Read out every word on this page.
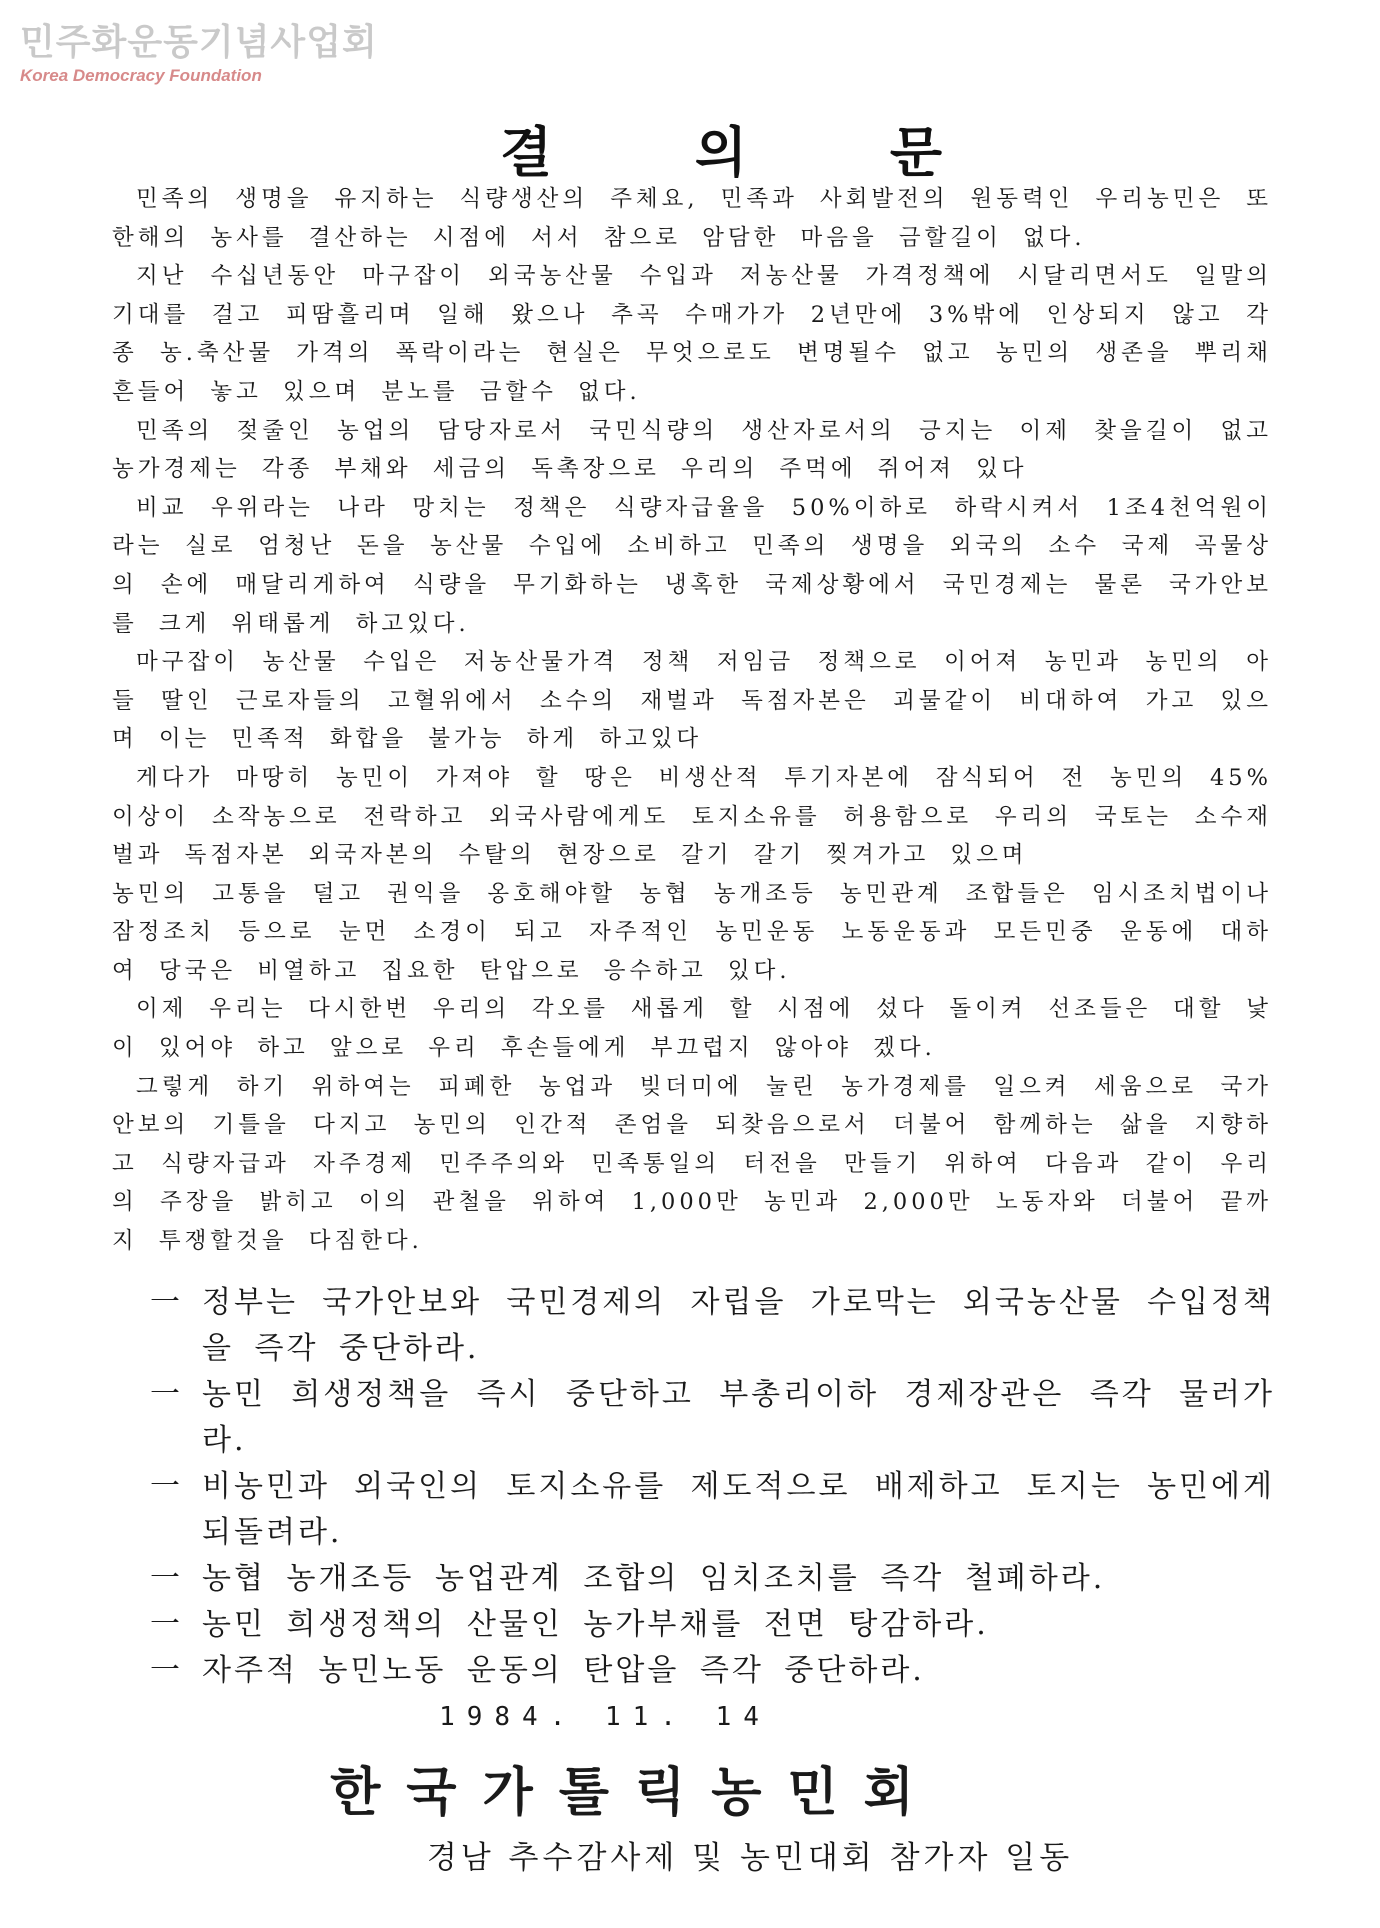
민주화운동기념사업회
Korea Democracy Foundation
결 의 문

민족의 생명을 유지하는 식량생산의 주체요, 민족과 사회발전의 원동력인 우리농민은 또 한해의 농사를 결산하는 시점에 서서 참으로 암담한 마음을 금할길이 없다.

지난 수십년동안 마구잡이 외국농산물 수입과 저농산물 가격정책에 시달리면서도 일말의 기대를 걸고 피땀흘리며 일해 왔으나 추곡 수매가가 2년만에 3%밖에 인상되지 않고 각종 농.축산물 가격의 폭락이라는 현실은 무엇으로도 변명될수 없고 농민의 생존을 뿌리채 흔들어 놓고 있으며 분노를 금할수 없다.

민족의 젖줄인 농업의 담당자로서 국민식량의 생산자로서의 긍지는 이제 찾을길이 없고 농가경제는 각종 부채와 세금의 독촉장으로 우리의 주먹에 쥐어져 있다

비교 우위라는 나라 망치는 정책은 식량자급율을 50%이하로 하락시켜서 1조4천억원이라는 실로 엄청난 돈을 농산물 수입에 소비하고 민족의 생명을 외국의 소수 국제 곡물상의 손에 매달리게하여 식량을 무기화하는 냉혹한 국제상황에서 국민경제는 물론 국가안보를 크게 위태롭게 하고있다.

마구잡이 농산물 수입은 저농산물가격 정책 저임금 정책으로 이어져 농민과 농민의 아들 딸인 근로자들의 고혈위에서 소수의 재벌과 독점자본은 괴물같이 비대하여 가고 있으며 이는 민족적 화합을 불가능 하게 하고있다

게다가 마땅히 농민이 가져야 할 땅은 비생산적 투기자본에 잠식되어 전 농민의 45%이상이 소작농으로 전락하고 외국사람에게도 토지소유를 허용함으로 우리의 국토는 소수재벌과 독점자본 외국자본의 수탈의 현장으로 갈기 갈기 찢겨가고 있으며

농민의 고통을 덜고 권익을 옹호해야할 농협 농개조등 농민관계 조합들은 임시조치법이나 잠정조치 등으로 눈먼 소경이 되고 자주적인 농민운동 노동운동과 모든민중 운동에 대하여 당국은 비열하고 집요한 탄압으로 응수하고 있다.

이제 우리는 다시한번 우리의 각오를 새롭게 할 시점에 섰다 돌이켜 선조들은 대할 낯이 있어야 하고 앞으로 우리 후손들에게 부끄럽지 않아야 겠다.

그렇게 하기 위하여는 피폐한 농업과 빚더미에 눌린 농가경제를 일으켜 세움으로 국가 안보의 기틀을 다지고 농민의 인간적 존엄을 되찾음으로서 더불어 함께하는 삶을 지향하고 식량자급과 자주경제 민주주의와 민족통일의 터전을 만들기 위하여 다음과 같이 우리의 주장을 밝히고 이의 관철을 위하여 1,000만 농민과 2,000만 노동자와 더불어 끝까지 투쟁할것을 다짐한다.

一 정부는 국가안보와 국민경제의 자립을 가로막는 외국농산물 수입정책을 즉각 중단하라.
一 농민 희생정책을 즉시 중단하고 부총리이하 경제장관은 즉각 물러가라.
一 비농민과 외국인의 토지소유를 제도적으로 배제하고 토지는 농민에게 되돌려라.
一 농협 농개조등 농업관계 조합의 임치조치를 즉각 철폐하라.
一 농민 희생정책의 산물인 농가부채를 전면 탕감하라.
一 자주적 농민노동 운동의 탄압을 즉각 중단하라.
1984. 11. 14
한국가톨릭농민회
경남 추수감사제 및 농민대회 참가자 일동
